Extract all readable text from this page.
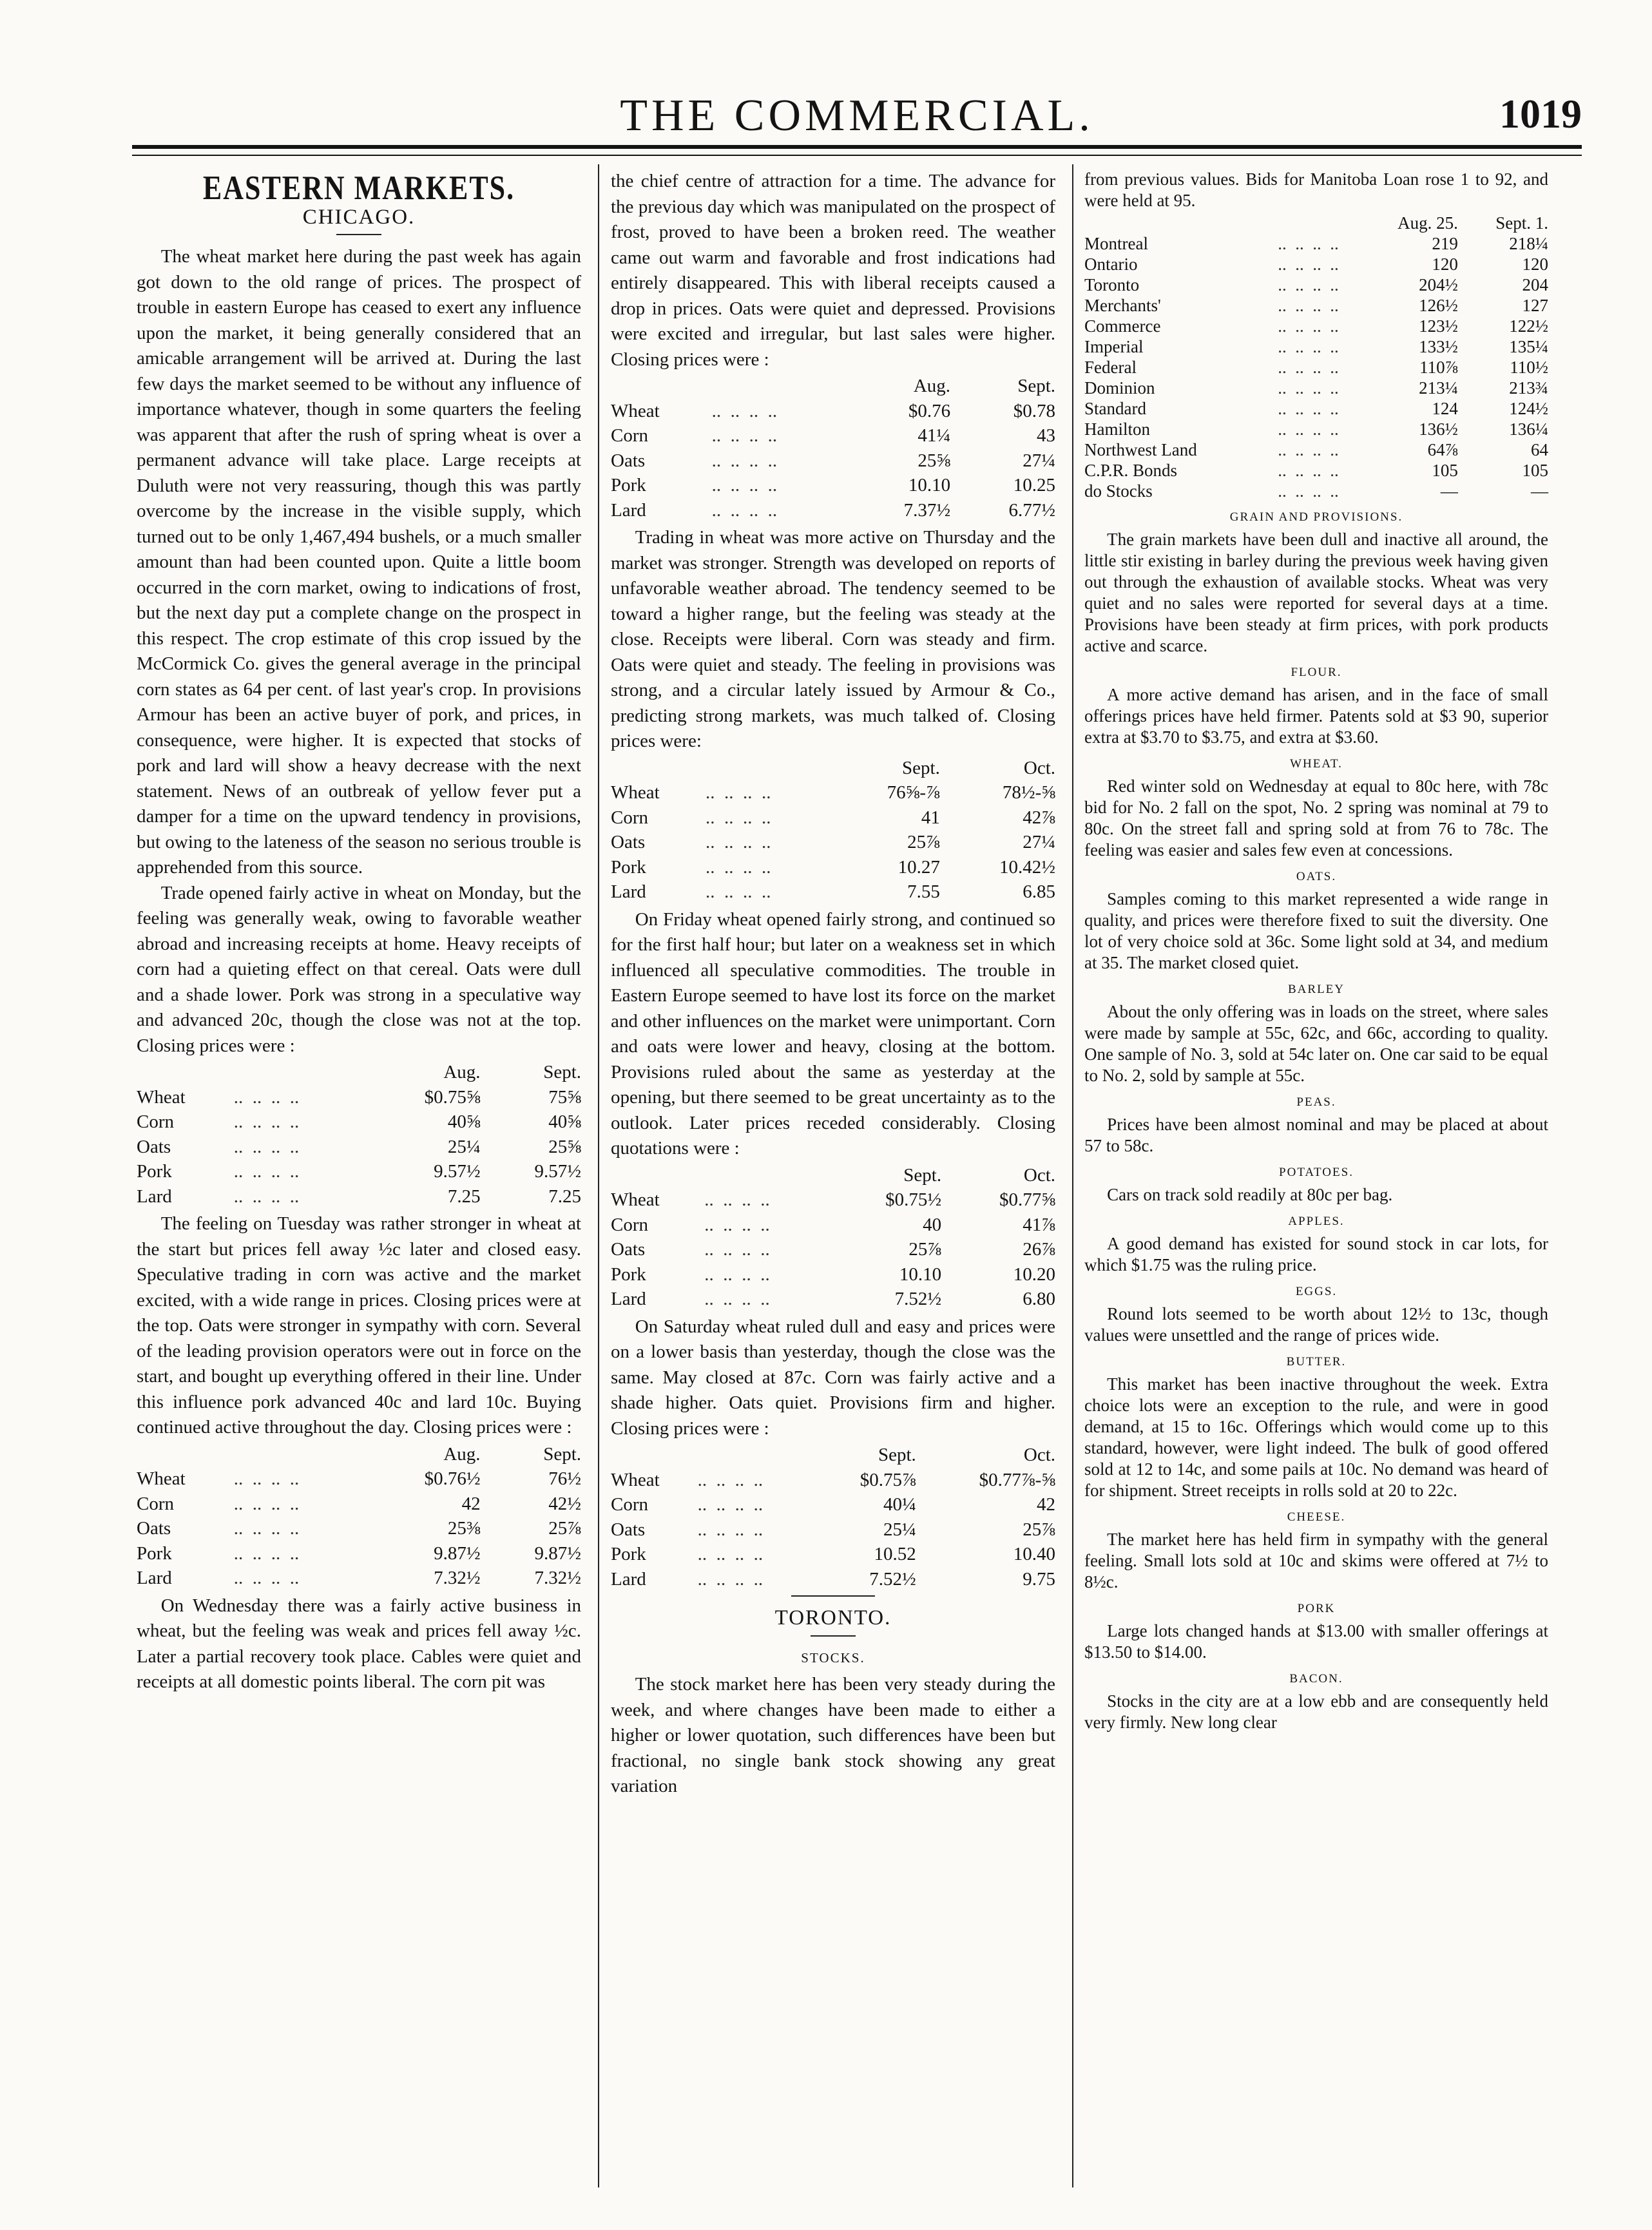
THE COMMERCIAL.	1019
EASTERN MARKETS.
CHICAGO.

The wheat market here during the past week has again got down to the old range of prices. The prospect of trouble in eastern Europe has ceased to exert any influence upon the market, it being generally considered that an amicable arrangement will be arrived at. During the last few days the market seemed to be without any influence of importance whatever, though in some quarters the feeling was apparent that after the rush of spring wheat is over a permanent advance will take place. Large receipts at Duluth were not very reassuring, though this was partly overcome by the increase in the visible supply, which turned out to be only 1,467,494 bushels, or a much smaller amount than had been counted upon. Quite a little boom occurred in the corn market, owing to indications of frost, but the next day put a complete change on the prospect in this respect. The crop estimate of this crop issued by the McCormick Co. gives the general average in the principal corn states as 64 per cent. of last year's crop. In provisions Armour has been an active buyer of pork, and prices, in consequence, were higher. It is expected that stocks of pork and lard will show a heavy decrease with the next statement. News of an outbreak of yellow fever put a damper for a time on the upward tendency in provisions, but owing to the lateness of the season no serious trouble is apprehended from this source.

Trade opened fairly active in wheat on Monday, but the feeling was generally weak, owing to favorable weather abroad and increasing receipts at home. Heavy receipts of corn had a quieting effect on that cereal. Oats were dull and a shade lower. Pork was strong in a speculative way and advanced 20c, though the close was not at the top. Closing prices were :

		Aug.	Sept.
Wheat	..  ..  ..  ..	$0.75⅝	75⅝
Corn	..  ..  ..  ..	40⅝	40⅝
Oats	..  ..  ..  ..	25¼	25⅝
Pork	..  ..  ..  ..	9.57½	9.57½
Lard	..  ..  ..  ..	7.25	7.25

The feeling on Tuesday was rather stronger in wheat at the start but prices fell away ½c later and closed easy. Speculative trading in corn was active and the market excited, with a wide range in prices. Closing prices were at the top. Oats were stronger in sympathy with corn. Several of the leading provision operators were out in force on the start, and bought up everything offered in their line. Under this influence pork advanced 40c and lard 10c. Buying continued active throughout the day. Closing prices were :

		Aug.	Sept.
Wheat	..  ..  ..  ..	$0.76½	76½
Corn	..  ..  ..  ..	42	42½
Oats	..  ..  ..  ..	25⅜	25⅞
Pork	..  ..  ..  ..	9.87½	9.87½
Lard	..  ..  ..  ..	7.32½	7.32½

On Wednesday there was a fairly active business in wheat, but the feeling was weak and prices fell away ½c. Later a partial recovery took place. Cables were quiet and receipts at all domestic points liberal. The corn pit was

the chief centre of attraction for a time. The advance for the previous day which was manipulated on the prospect of frost, proved to have been a broken reed. The weather came out warm and favorable and frost indications had entirely disappeared. This with liberal receipts caused a drop in prices. Oats were quiet and depressed. Provisions were excited and irregular, but last sales were higher. Closing prices were :

		Aug.	Sept.
Wheat	..  ..  ..  ..	$0.76	$0.78
Corn	..  ..  ..  ..	41¼	43
Oats	..  ..  ..  ..	25⅝	27¼
Pork	..  ..  ..  ..	10.10	10.25
Lard	..  ..  ..  ..	7.37½	6.77½

Trading in wheat was more active on Thursday and the market was stronger. Strength was developed on reports of unfavorable weather abroad. The tendency seemed to be toward a higher range, but the feeling was steady at the close. Receipts were liberal. Corn was steady and firm. Oats were quiet and steady. The feeling in provisions was strong, and a circular lately issued by Armour & Co., predicting strong markets, was much talked of. Closing prices were:

		Sept.	Oct.
Wheat	..  ..  ..  ..	76⅝-⅞	78½-⅝
Corn	..  ..  ..  ..	41	42⅞
Oats	..  ..  ..  ..	25⅞	27¼
Pork	..  ..  ..  ..	10.27	10.42½
Lard	..  ..  ..  ..	7.55	6.85

On Friday wheat opened fairly strong, and continued so for the first half hour; but later on a weakness set in which influenced all speculative commodities. The trouble in Eastern Europe seemed to have lost its force on the market and other influences on the market were unimportant. Corn and oats were lower and heavy, closing at the bottom. Provisions ruled about the same as yesterday at the opening, but there seemed to be great uncertainty as to the outlook. Later prices receded considerably. Closing quotations were :

		Sept.	Oct.
Wheat	..  ..  ..  ..	$0.75½	$0.77⅝
Corn	..  ..  ..  ..	40	41⅞
Oats	..  ..  ..  ..	25⅞	26⅞
Pork	..  ..  ..  ..	10.10	10.20
Lard	..  ..  ..  ..	7.52½	6.80

On Saturday wheat ruled dull and easy and prices were on a lower basis than yesterday, though the close was the same. May closed at 87c. Corn was fairly active and a shade higher. Oats quiet. Provisions firm and higher. Closing prices were :

		Sept.	Oct.
Wheat	..  ..  ..  ..	$0.75⅞	$0.77⅞-⅝
Corn	..  ..  ..  ..	40¼	42
Oats	..  ..  ..  ..	25¼	25⅞
Pork	..  ..  ..  ..	10.52	10.40
Lard	..  ..  ..  ..	7.52½	9.75
TORONTO.
STOCKS.

The stock market here has been very steady during the week, and where changes have been made to either a higher or lower quotation, such differences have been but fractional, no single bank stock showing any great variation

from previous values. Bids for Manitoba Loan rose 1 to 92, and were held at 95.

		Aug. 25.	Sept. 1.
Montreal	..  ..  ..  ..	219	218¼
Ontario	..  ..  ..  ..	120	120
Toronto	..  ..  ..  ..	204½	204
Merchants'	..  ..  ..  ..	126½	127
Commerce	..  ..  ..  ..	123½	122½
Imperial	..  ..  ..  ..	133½	135¼
Federal	..  ..  ..  ..	110⅞	110½
Dominion	..  ..  ..  ..	213¼	213¾
Standard	..  ..  ..  ..	124	124½
Hamilton	..  ..  ..  ..	136½	136¼
Northwest Land	..  ..  ..  ..	64⅞	64
C.P.R. Bonds	..  ..  ..  ..	105	105
do Stocks	..  ..  ..  ..	—	—
GRAIN AND PROVISIONS.

The grain markets have been dull and inactive all around, the little stir existing in barley during the previous week having given out through the exhaustion of available stocks. Wheat was very quiet and no sales were reported for several days at a time. Provisions have been steady at firm prices, with pork products active and scarce.

FLOUR.

A more active demand has arisen, and in the face of small offerings prices have held firmer. Patents sold at $3 90, superior extra at $3.70 to $3.75, and extra at $3.60.

WHEAT.

Red winter sold on Wednesday at equal to 80c here, with 78c bid for No. 2 fall on the spot, No. 2 spring was nominal at 79 to 80c. On the street fall and spring sold at from 76 to 78c. The feeling was easier and sales few even at concessions.

OATS.

Samples coming to this market represented a wide range in quality, and prices were therefore fixed to suit the diversity. One lot of very choice sold at 36c. Some light sold at 34, and medium at 35. The market closed quiet.

BARLEY

About the only offering was in loads on the street, where sales were made by sample at 55c, 62c, and 66c, according to quality. One sample of No. 3, sold at 54c later on. One car said to be equal to No. 2, sold by sample at 55c.

PEAS.

Prices have been almost nominal and may be placed at about 57 to 58c.

POTATOES.

Cars on track sold readily at 80c per bag.

APPLES.

A good demand has existed for sound stock in car lots, for which $1.75 was the ruling price.

EGGS.

Round lots seemed to be worth about 12½ to 13c, though values were unsettled and the range of prices wide.

BUTTER.

This market has been inactive throughout the week. Extra choice lots were an exception to the rule, and were in good demand, at 15 to 16c. Offerings which would come up to this standard, however, were light indeed. The bulk of good offered sold at 12 to 14c, and some pails at 10c. No demand was heard of for shipment. Street receipts in rolls sold at 20 to 22c.

CHEESE.

The market here has held firm in sympathy with the general feeling. Small lots sold at 10c and skims were offered at 7½ to 8½c.

PORK

Large lots changed hands at $13.00 with smaller offerings at $13.50 to $14.00.

BACON.

Stocks in the city are at a low ebb and are consequently held very firmly. New long clear
